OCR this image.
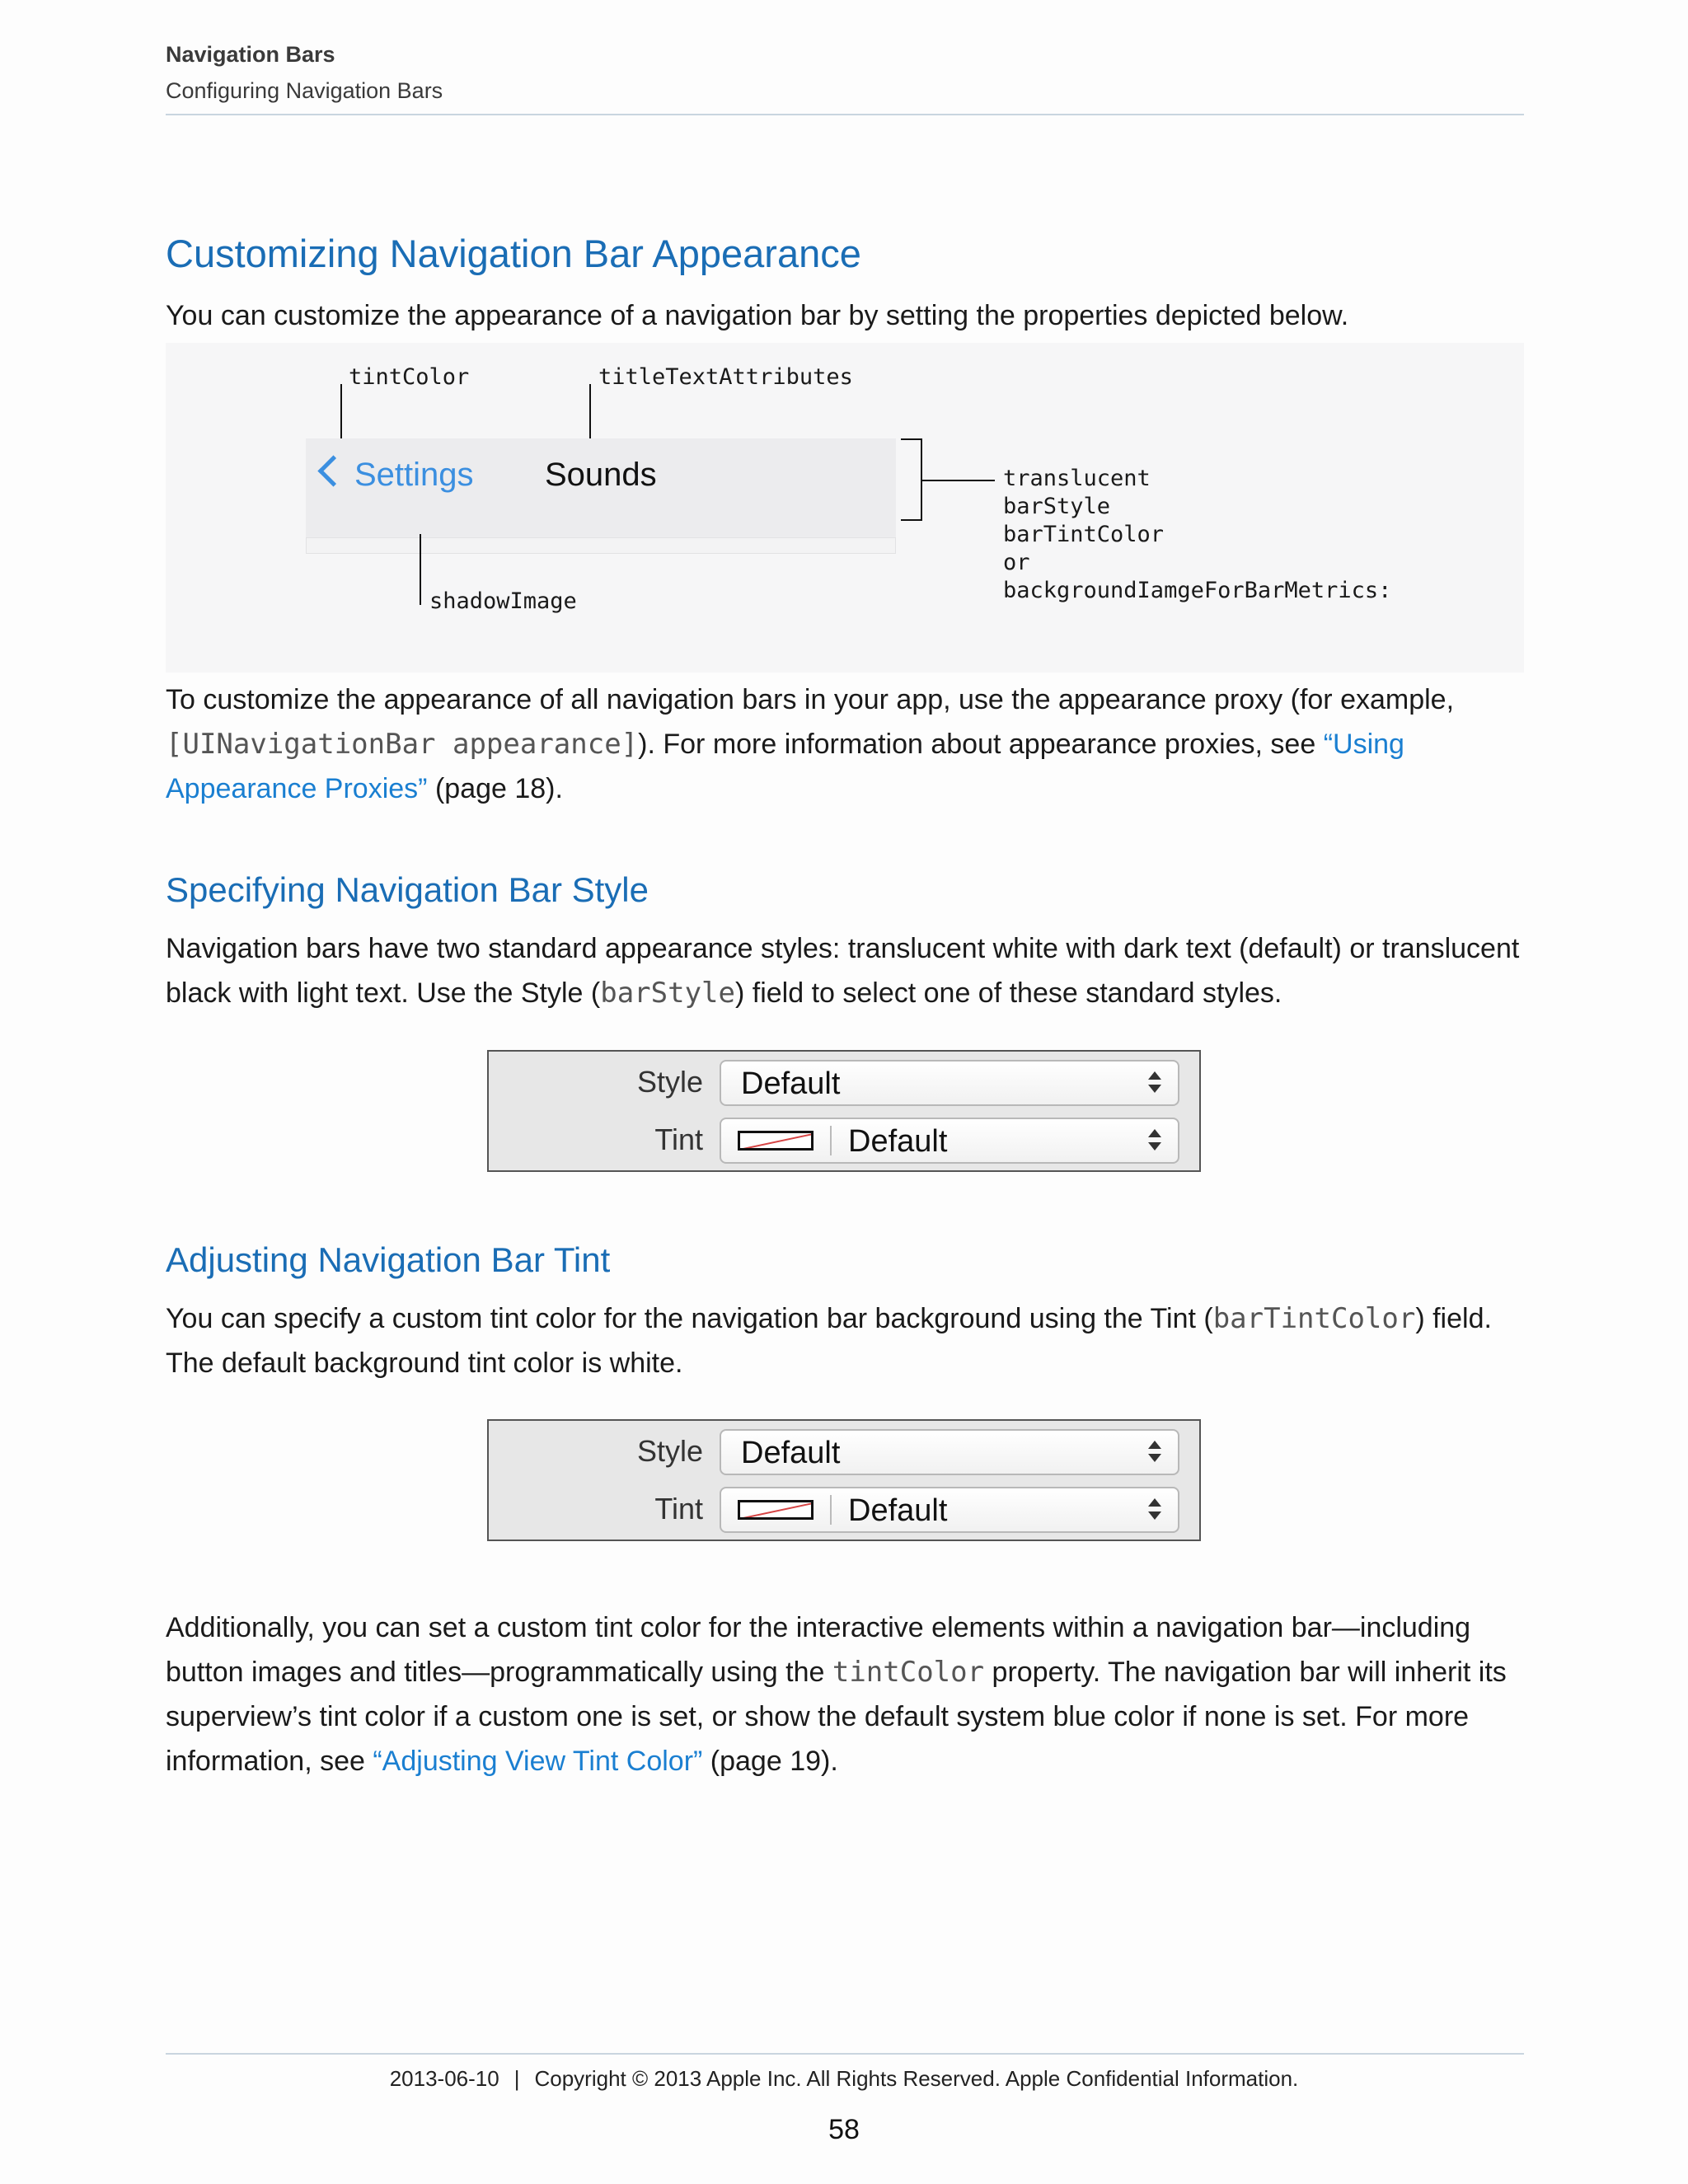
Navigation Bars
Configuring Navigation Bars
Customizing Navigation Bar Appearance

You can customize the appearance of a navigation bar by setting the properties depicted below.

tintColor	titleTextAttributes
Settings Sounds	translucent
barStyle
barTintColor
or
backgroundIamgeForBarMetrics:
shadowImage

To customize the appearance of all navigation bars in your app, use the appearance proxy (for example, [UINavigationBar appearance]). For more information about appearance proxies, see “Using Appearance Proxies” (page 18).

Specifying Navigation Bar Style

Navigation bars have two standard appearance styles: translucent white with dark text (default) or translucent black with light text. Use the Style (barStyle) field to select one of these standard styles.

Style Default
Tint	Default
Adjusting Navigation Bar Tint

You can specify a custom tint color for the navigation bar background using the Tint (barTintColor) field. The default background tint color is white.

Style Default
Tint	Default

Additionally, you can set a custom tint color for the interactive elements within a navigation bar—including button images and titles—programmatically using the tintColor property. The navigation bar will inherit its superview’s tint color if a custom one is set, or show the default system blue color if none is set. For more information, see “Adjusting View Tint Color” (page 19).

2013-06-10 | Copyright © 2013 Apple Inc. All Rights Reserved. Apple Confidential Information.
58
